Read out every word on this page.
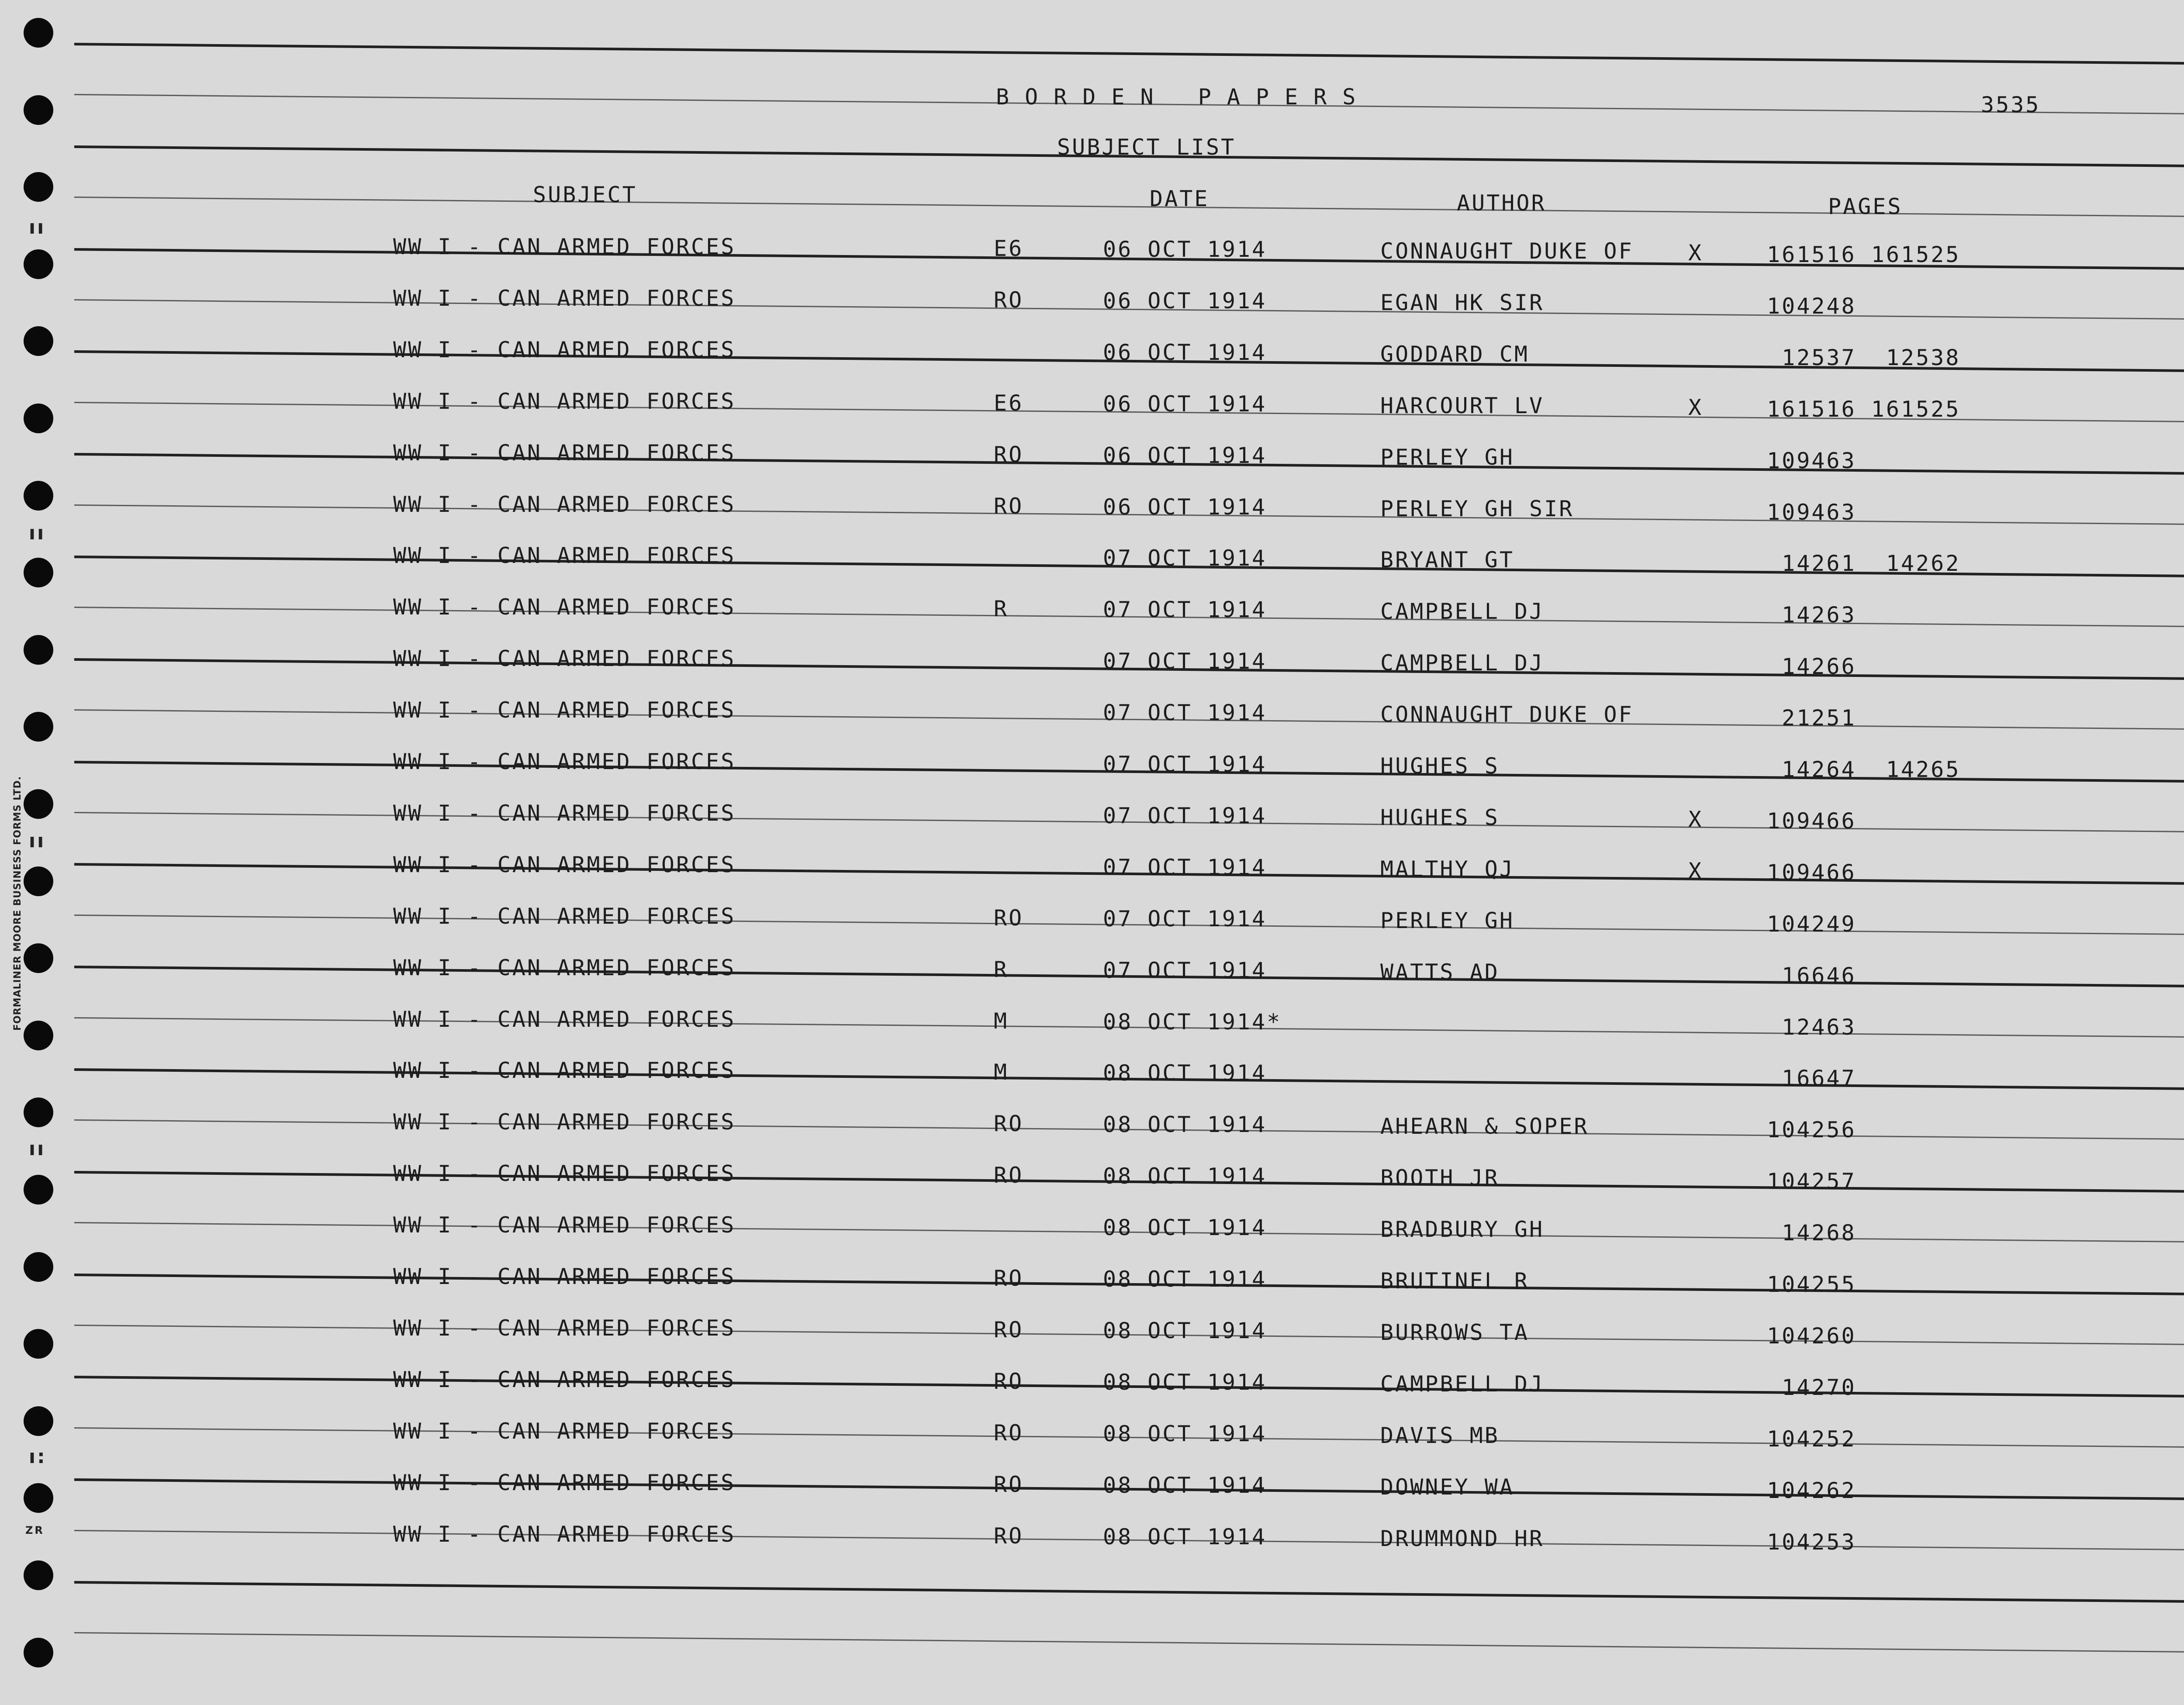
ıı
ıı
ıı
ıı
ı:
FORMALINER MOORE BUSINESS FORMS LTD.
ZR
BORDEN PAPERS	3535
SUBJECT LIST
SUBJECT	DATE	AUTHOR	PAGES
WW I - CAN ARMED FORCES	E6	06 OCT 1914	CONNAUGHT DUKE OF	X	161516 161525
WW I - CAN ARMED FORCES	RO	06 OCT 1914	EGAN HK SIR	104248
WW I - CAN ARMED FORCES	06 OCT 1914	GODDARD CM	12537  12538
WW I - CAN ARMED FORCES	E6	06 OCT 1914	HARCOURT LV	X	161516 161525
WW I - CAN ARMED FORCES	RO	06 OCT 1914	PERLEY GH	109463
WW I - CAN ARMED FORCES	RO	06 OCT 1914	PERLEY GH SIR	109463
WW I - CAN ARMED FORCES	07 OCT 1914	BRYANT GT	14261  14262
WW I - CAN ARMED FORCES	R	07 OCT 1914	CAMPBELL DJ	14263
WW I - CAN ARMED FORCES	07 OCT 1914	CAMPBELL DJ	14266
WW I - CAN ARMED FORCES	07 OCT 1914	CONNAUGHT DUKE OF	21251
WW I - CAN ARMED FORCES	07 OCT 1914	HUGHES S	14264  14265
WW I - CAN ARMED FORCES	07 OCT 1914	HUGHES S	X	109466
WW I - CAN ARMED FORCES	07 OCT 1914	MALTHY QJ	X	109466
WW I - CAN ARMED FORCES	RO	07 OCT 1914	PERLEY GH	104249
WW I - CAN ARMED FORCES	R	07 OCT 1914	WATTS AD	16646
WW I - CAN ARMED FORCES	M	08 OCT 1914*	12463
WW I - CAN ARMED FORCES	M	08 OCT 1914	16647
WW I - CAN ARMED FORCES	RO	08 OCT 1914	AHEARN & SOPER	104256
WW I - CAN ARMED FORCES	RO	08 OCT 1914	BOOTH JR	104257
WW I - CAN ARMED FORCES	08 OCT 1914	BRADBURY GH	14268
WW I - CAN ARMED FORCES	RO	08 OCT 1914	BRUTINEL R	104255
WW I - CAN ARMED FORCES	RO	08 OCT 1914	BURROWS TA	104260
WW I - CAN ARMED FORCES	RO	08 OCT 1914	CAMPBELL DJ	14270
WW I - CAN ARMED FORCES	RO	08 OCT 1914	DAVIS MB	104252
WW I - CAN ARMED FORCES	RO	08 OCT 1914	DOWNEY WA	104262
WW I - CAN ARMED FORCES	RO	08 OCT 1914	DRUMMOND HR	104253
